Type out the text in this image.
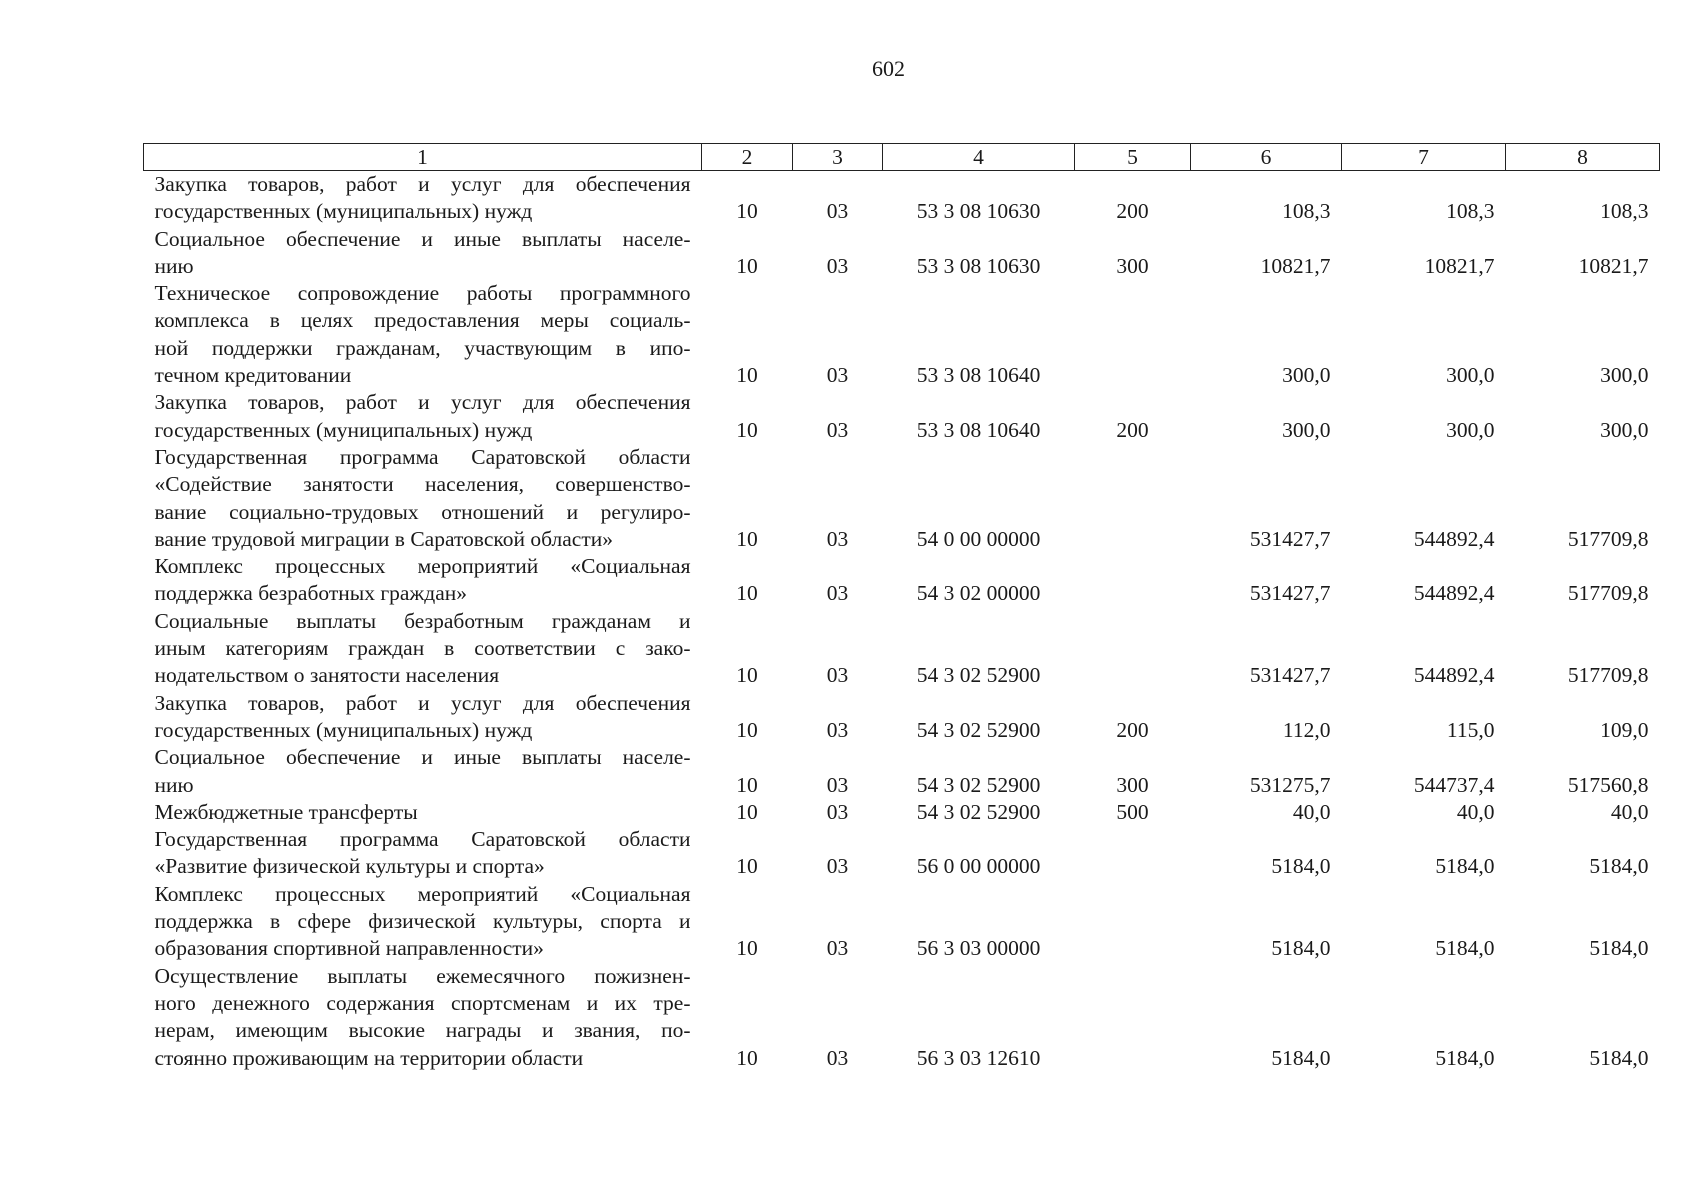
602
1	2	3	4	5	6	7	8

Закупка товаров, работ и услуг для обеспечения
государственных (муниципальных) нужд	10	03	53 3 08 10630	200	108,3	108,3	108,3

Социальное обеспечение и иные выплаты населе-
нию	10	03	53 3 08 10630	300	10821,7	10821,7	10821,7

Техническое сопровождение работы программного
комплекса в целях предоставления меры социаль-
ной поддержки гражданам, участвующим в ипо-
течном кредитовании	10	03	53 3 08 10640		300,0	300,0	300,0

Закупка товаров, работ и услуг для обеспечения
государственных (муниципальных) нужд	10	03	53 3 08 10640	200	300,0	300,0	300,0

Государственная программа Саратовской области
«Содействие занятости населения, совершенство-
вание социально-трудовых отношений и регулиро-
вание трудовой миграции в Саратовской области»	10	03	54 0 00 00000		531427,7	544892,4	517709,8

Комплекс процессных мероприятий «Социальная
поддержка безработных граждан»	10	03	54 3 02 00000		531427,7	544892,4	517709,8

Социальные выплаты безработным гражданам и
иным категориям граждан в соответствии с зако-
нодательством о занятости населения	10	03	54 3 02 52900		531427,7	544892,4	517709,8

Закупка товаров, работ и услуг для обеспечения
государственных (муниципальных) нужд	10	03	54 3 02 52900	200	112,0	115,0	109,0

Социальное обеспечение и иные выплаты населе-
нию	10	03	54 3 02 52900	300	531275,7	544737,4	517560,8

Межбюджетные трансферты	10	03	54 3 02 52900	500	40,0	40,0	40,0

Государственная программа Саратовской области
«Развитие физической культуры и спорта»	10	03	56 0 00 00000		5184,0	5184,0	5184,0

Комплекс процессных мероприятий «Социальная
поддержка в сфере физической культуры, спорта и
образования спортивной направленности»	10	03	56 3 03 00000		5184,0	5184,0	5184,0

Осуществление выплаты ежемесячного пожизнен-
ного денежного содержания спортсменам и их тре-
нерам, имеющим высокие награды и звания, по-
стоянно проживающим на территории области	10	03	56 3 03 12610		5184,0	5184,0	5184,0
